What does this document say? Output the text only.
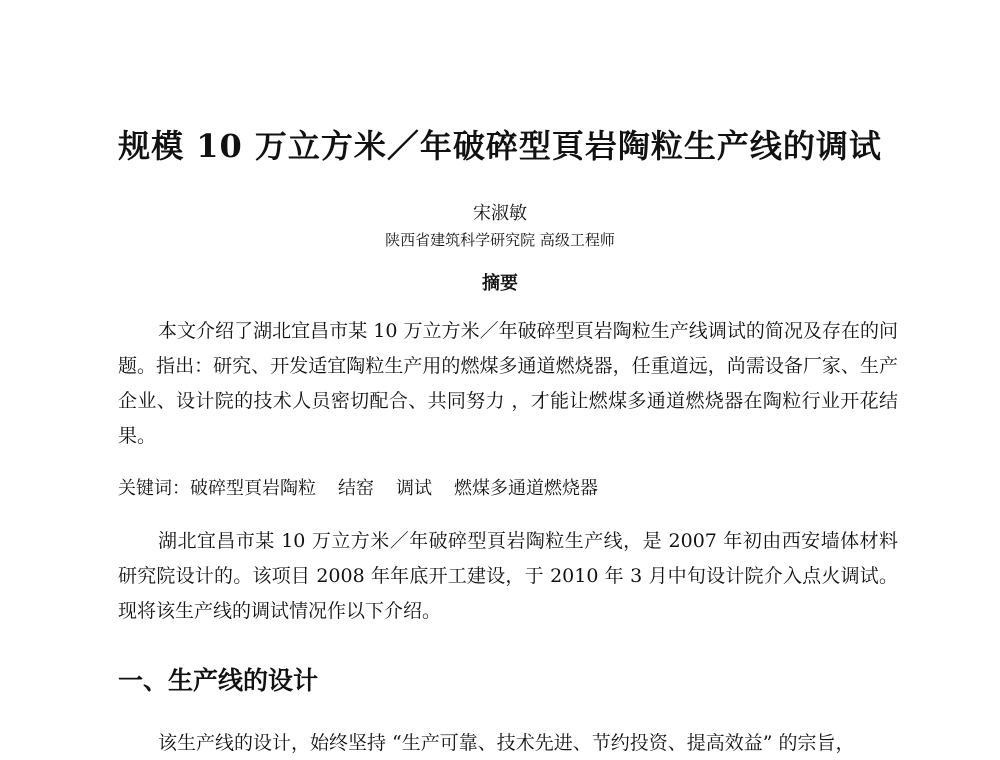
规模 10 万立方米／年破碎型頁岩陶粒生产线的调试
宋淑敏
陕西省建筑科学研究院 高级工程师
摘要

本文介绍了湖北宜昌市某 10 万立方米／年破碎型頁岩陶粒生产线调试的简况及存在的问题。指出：研究、开发适宜陶粒生产用的燃煤多通道燃烧器，任重道远，尚需设备厂家、生产企业、设计院的技术人员密切配合、共同努力 ，才能让燃煤多通道燃烧器在陶粒行业开花结果。

关键词：破碎型頁岩陶粒 结窑 调试 燃煤多通道燃烧器

湖北宜昌市某 10 万立方米／年破碎型頁岩陶粒生产线，是 2007 年初由西安墙体材料研究院设计的。该项目 2008 年年底开工建设，于 2010 年 3 月中旬设计院介入点火调试。现将该生产线的调试情况作以下介绍。

一、生产线的设计

该生产线的设计，始终坚持 “生产可靠、技术先进、节约投资、提高效益” 的宗旨，
